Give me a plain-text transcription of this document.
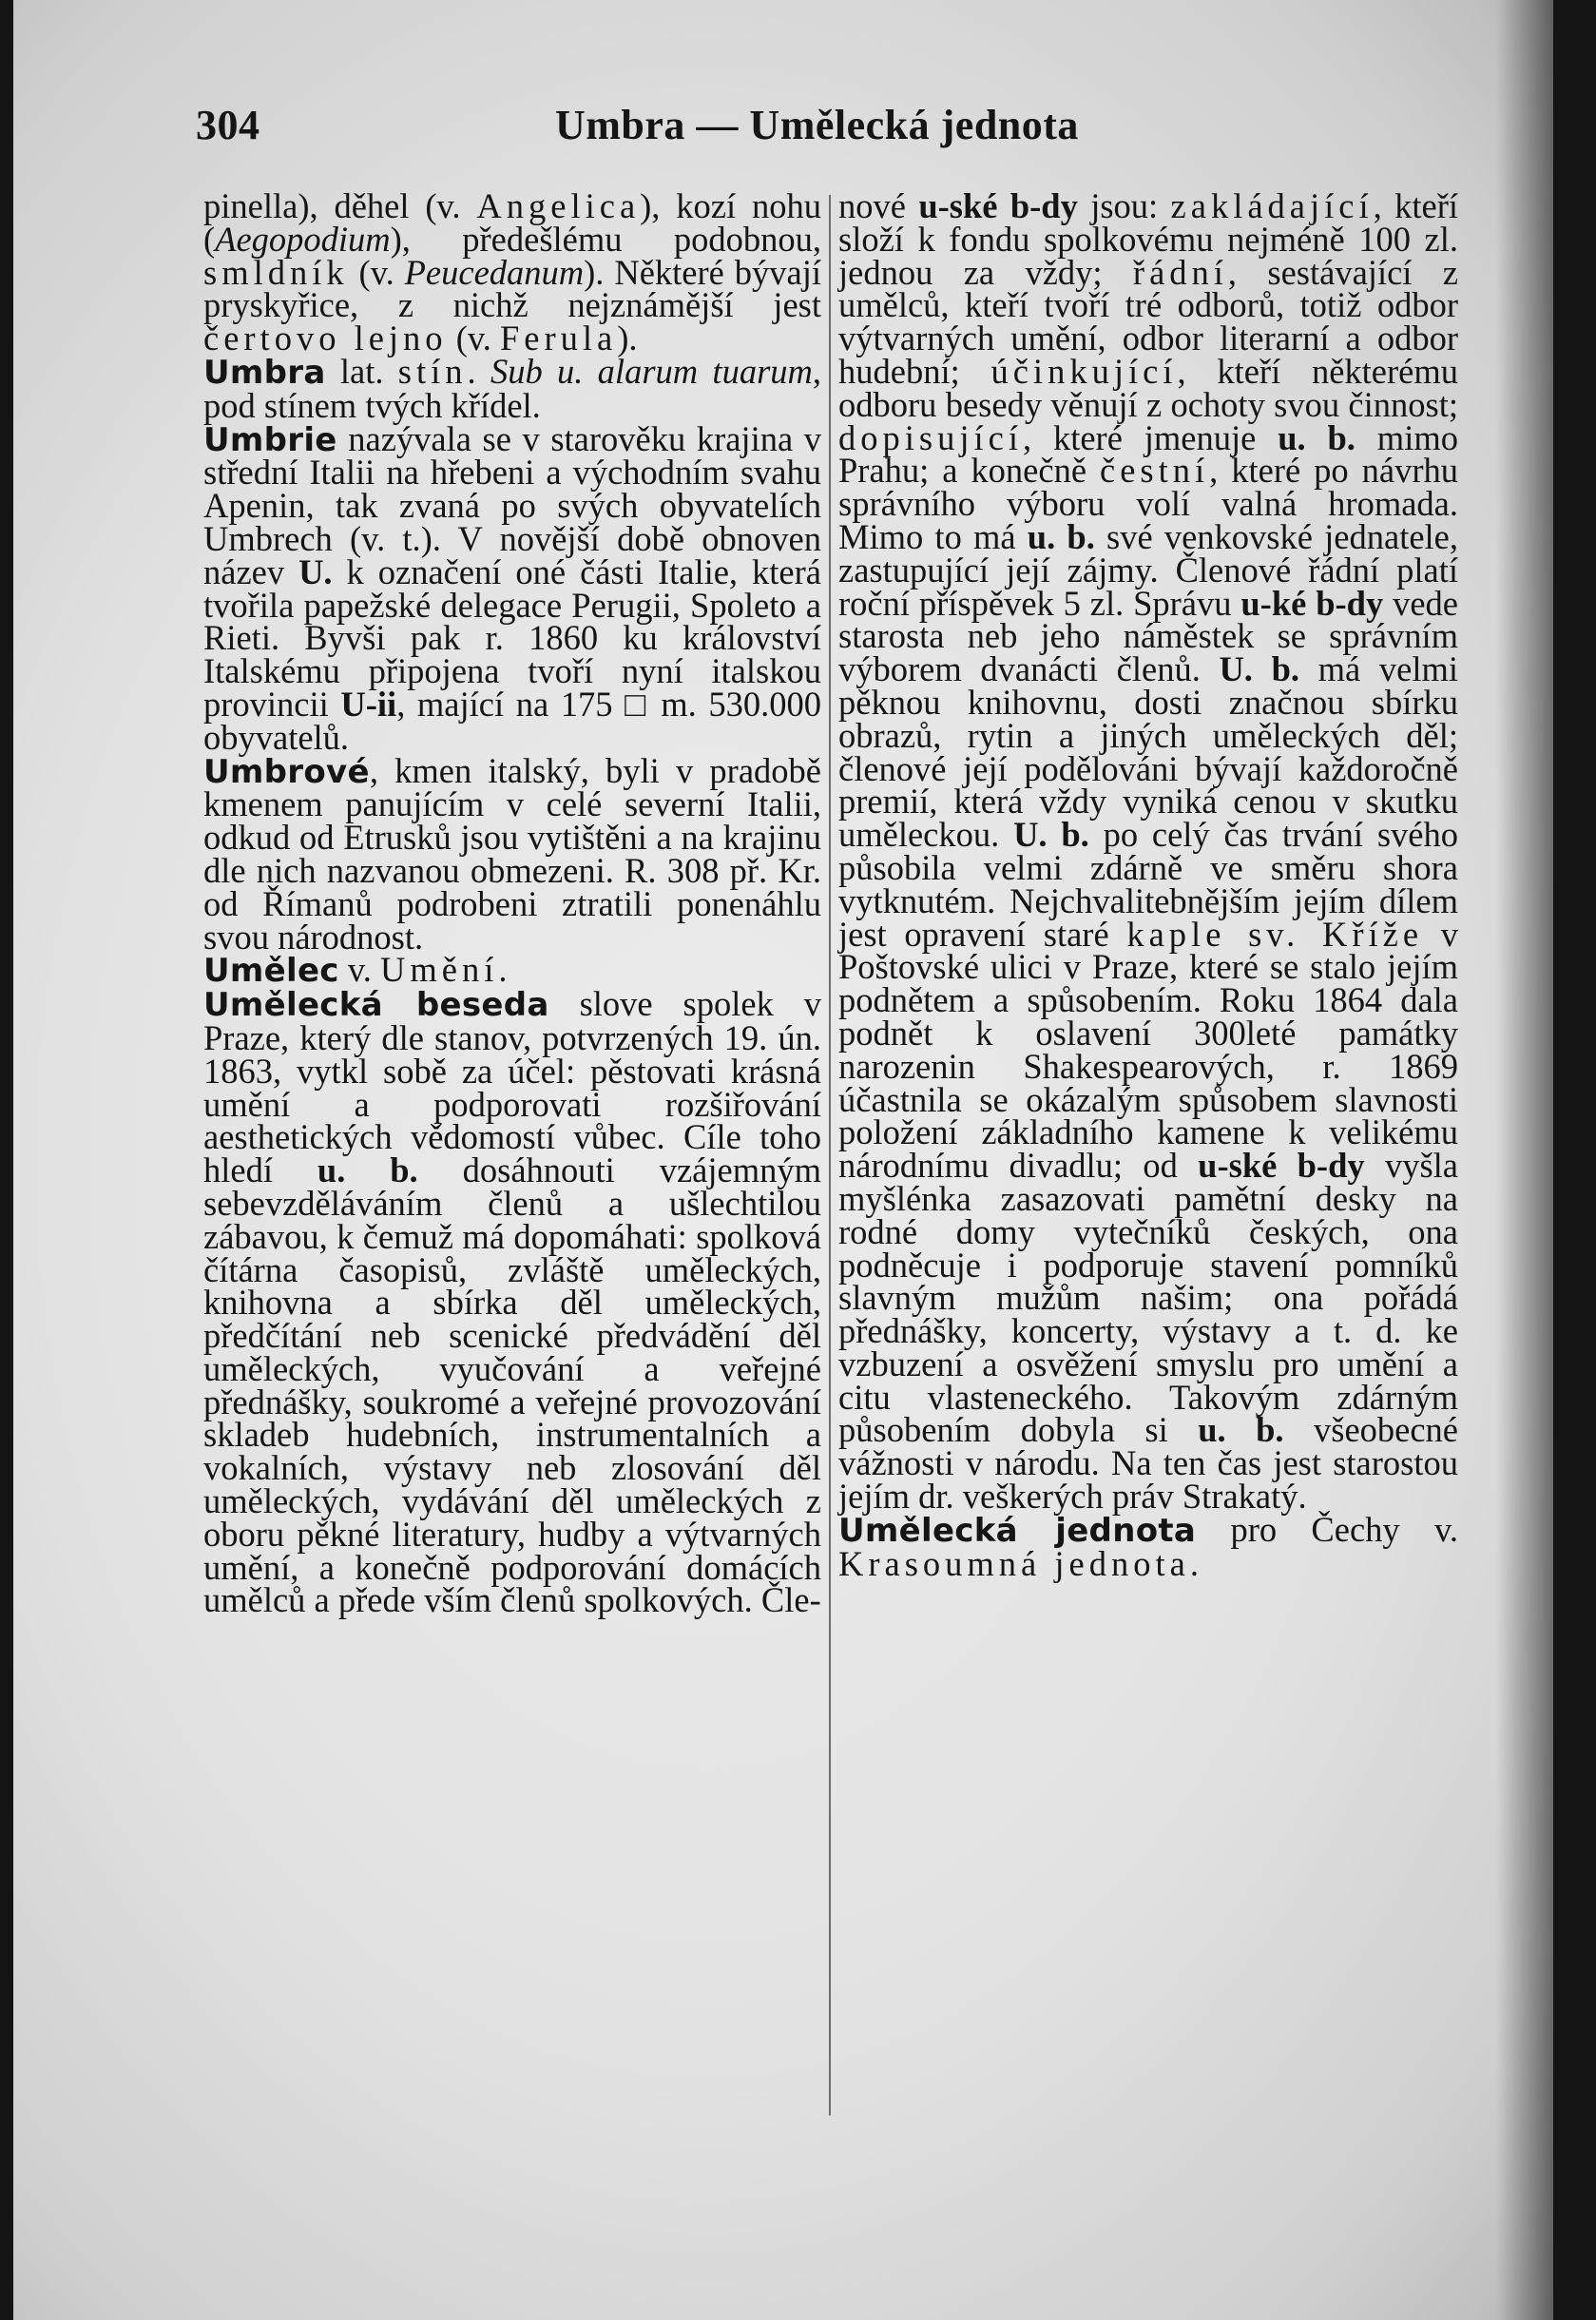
304	Umbra — Umělecká jednota

pinella), děhel (v. Angelica), kozí nohu (Aegopodium), předešlému podobnou, smldník (v. Peucedanum). Některé bývají pryskyřice, z nichž nejznámější jest čertovo lejno (v. Ferula).

Umbra lat. stín. Sub u. alarum tuarum, pod stínem tvých křídel.

Umbrie nazývala se v starověku krajina v střední Italii na hřebeni a východním svahu Apenin, tak zvaná po svých obyvatelích Umbrech (v. t.). V novější době obnoven název U. k označení oné části Italie, která tvořila papežské delegace Perugii, Spoleto a Rieti. Byvši pak r. 1860 ku království Italskému připojena tvoří nyní italskou provincii U-ii, mající na 175 □ m. 530.000 obyvatelů.

Umbrové, kmen italský, byli v pradobě kmenem panujícím v celé severní Italii, odkud od Etrusků jsou vytištěni a na krajinu dle nich nazvanou obmezeni. R. 308 př. Kr. od Římanů podrobeni ztratili ponenáhlu svou národnost.

Umělec v. Umění.

Umělecká beseda slove spolek v Praze, který dle stanov, potvrzených 19. ún. 1863, vytkl sobě za účel: pěstovati krásná umění a podporovati rozšiřování aesthetických vědomostí vůbec. Cíle toho hledí u. b. dosáhnouti vzájemným sebevzděláváním členů a ušlechtilou zábavou, k čemuž má dopomáhati: spolková čítárna časopisů, zvláště uměleckých, knihovna a sbírka děl uměleckých, předčítání neb scenické předvádění děl uměleckých, vyučování a veřejné přednášky, soukromé a veřejné provozování skladeb hudebních, instrumentalních a vokalních, výstavy neb zlosování děl uměleckých, vydávání děl uměleckých z oboru pěkné literatury, hudby a výtvarných umění, a konečně podporování domácích umělců a přede vším členů spolkových. Čle-

nové u-ské b-dy jsou: zakládající, kteří složí k fondu spolkovému nejméně 100 zl. jednou za vždy; řádní, sestávající z umělců, kteří tvoří tré odborů, totiž odbor výtvarných umění, odbor literarní a odbor hudební; účinkující, kteří některému odboru besedy věnují z ochoty svou činnost; dopisující, které jmenuje u. b. mimo Prahu; a konečně čestní, které po návrhu správního výboru volí valná hromada. Mimo to má u. b. své venkovské jednatele, zastupující její zájmy. Členové řádní platí roční příspěvek 5 zl. Správu u-ké b-dy vede starosta neb jeho náměstek se správním výborem dvanácti členů. U. b. má velmi pěknou knihovnu, dosti značnou sbírku obrazů, rytin a jiných uměleckých děl; členové její podělováni bývají každoročně premií, která vždy vyniká cenou v skutku uměleckou. U. b. po celý čas trvání svého působila velmi zdárně ve směru shora vytknutém. Nejchvalitebnějším jejím dílem jest opravení staré kaple sv. Kříže v Poštovské ulici v Praze, které se stalo jejím podnětem a spůsobením. Roku 1864 dala podnět k oslavení 300leté památky narozenin Shakespearových, r. 1869 účastnila se okázalým spůsobem slavnosti položení základního kamene k velikému národnímu divadlu; od u-ské b-dy vyšla myšlénka zasazovati pamětní desky na rodné domy vytečníků českých, ona podněcuje i podporuje stavení pomníků slavným mužům našim; ona pořádá přednášky, koncerty, výstavy a t. d. ke vzbuzení a osvěžení smyslu pro umění a citu vlasteneckého. Takovým zdárným působením dobyla si u. b. všeobecné vážnosti v národu. Na ten čas jest starostou jejím dr. veškerých práv Strakatý.

Umělecká jednota pro Čechy v. Krasoumná jednota.
